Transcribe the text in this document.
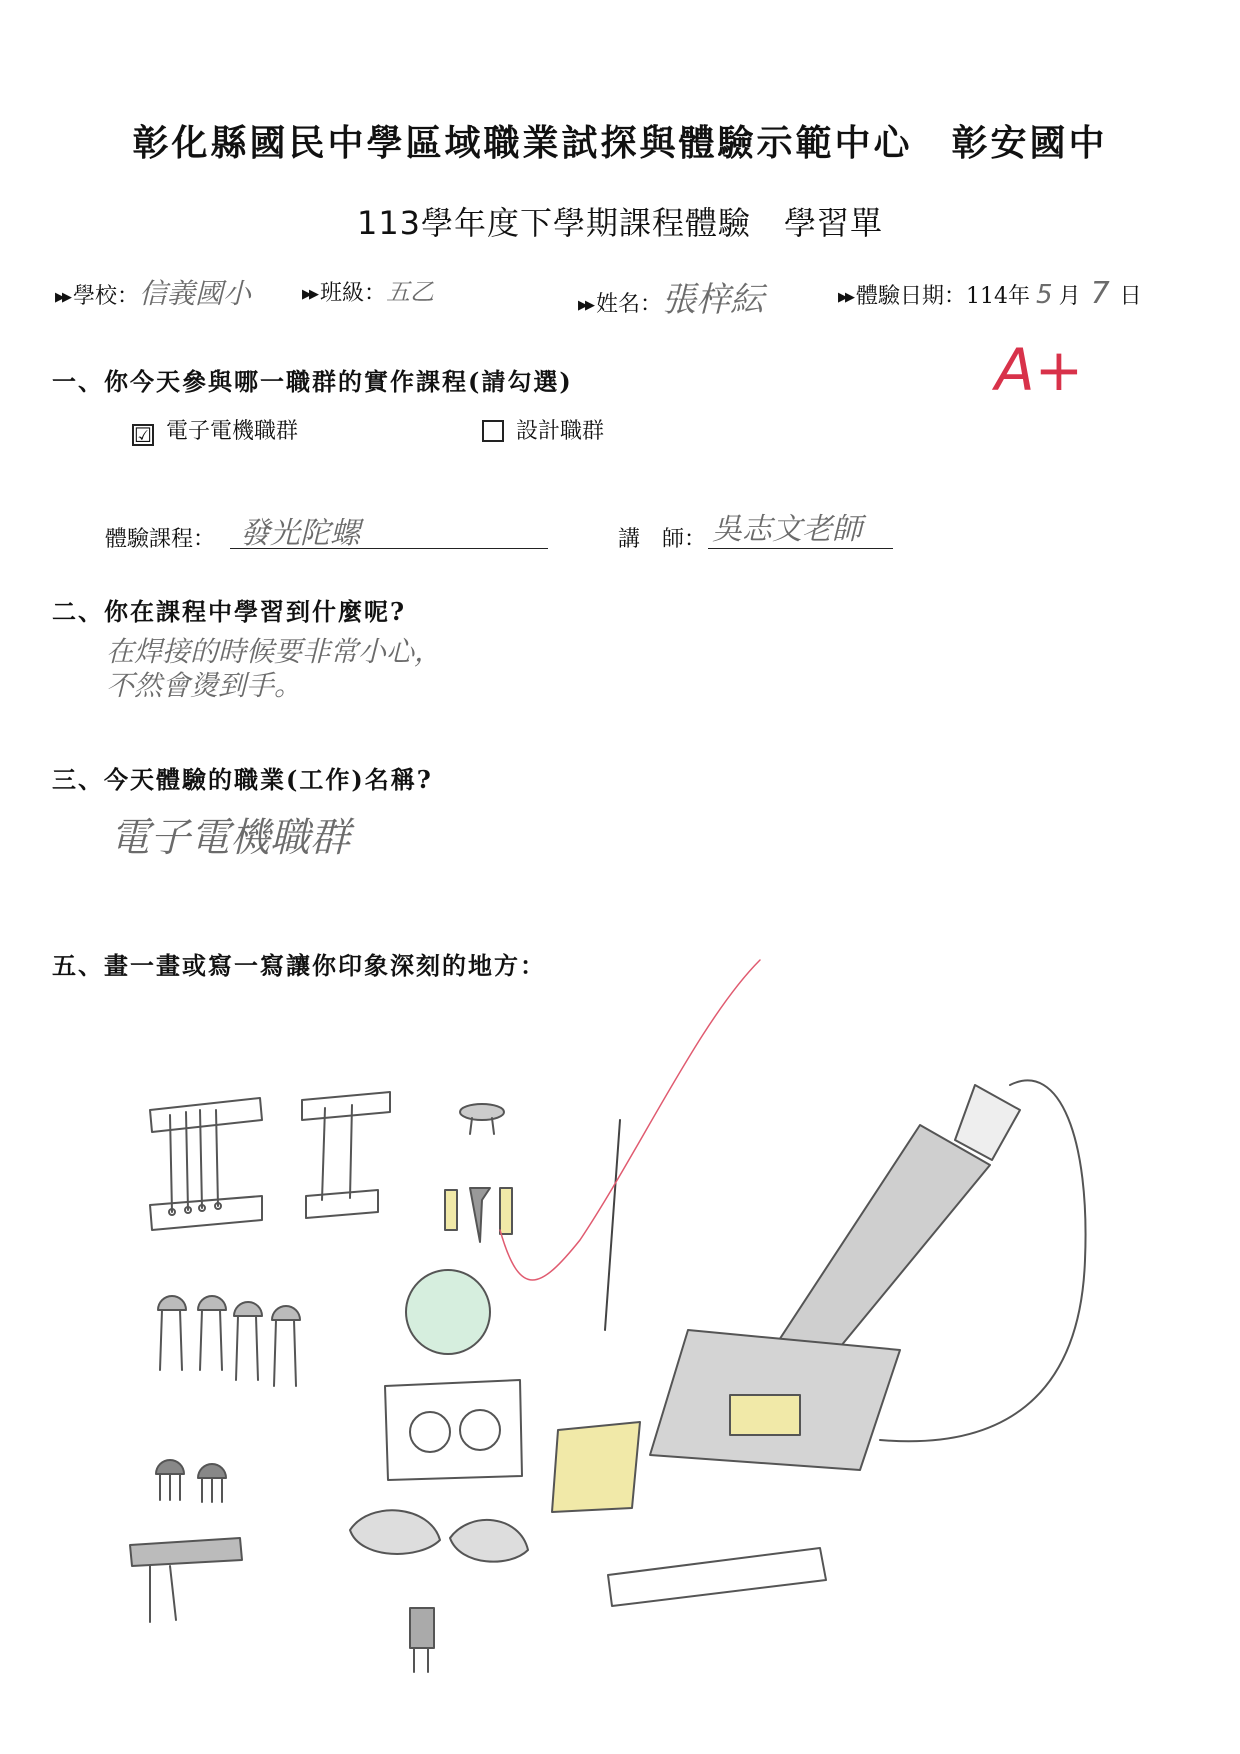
彰化縣國民中學區域職業試探與體驗示範中心　彰安國中
113學年度下學期課程體驗　學習單
▶▶ 學校：信義國小	▶▶ 班級：五乙	▶▶ 姓名：張梓紜	▶▶ 體驗日期：114年 5 月 7 日
A+
一、你今天參與哪一職群的實作課程(請勾選)
☑ 電子電機職群	設計職群
體驗課程： 發光陀螺	講　師： 吳志文老師
二、你在課程中學習到什麼呢?
在焊接的時候要非常小心，
不然會燙到手。
三、今天體驗的職業(工作)名稱?
電子電機職群
五、畫一畫或寫一寫讓你印象深刻的地方：
